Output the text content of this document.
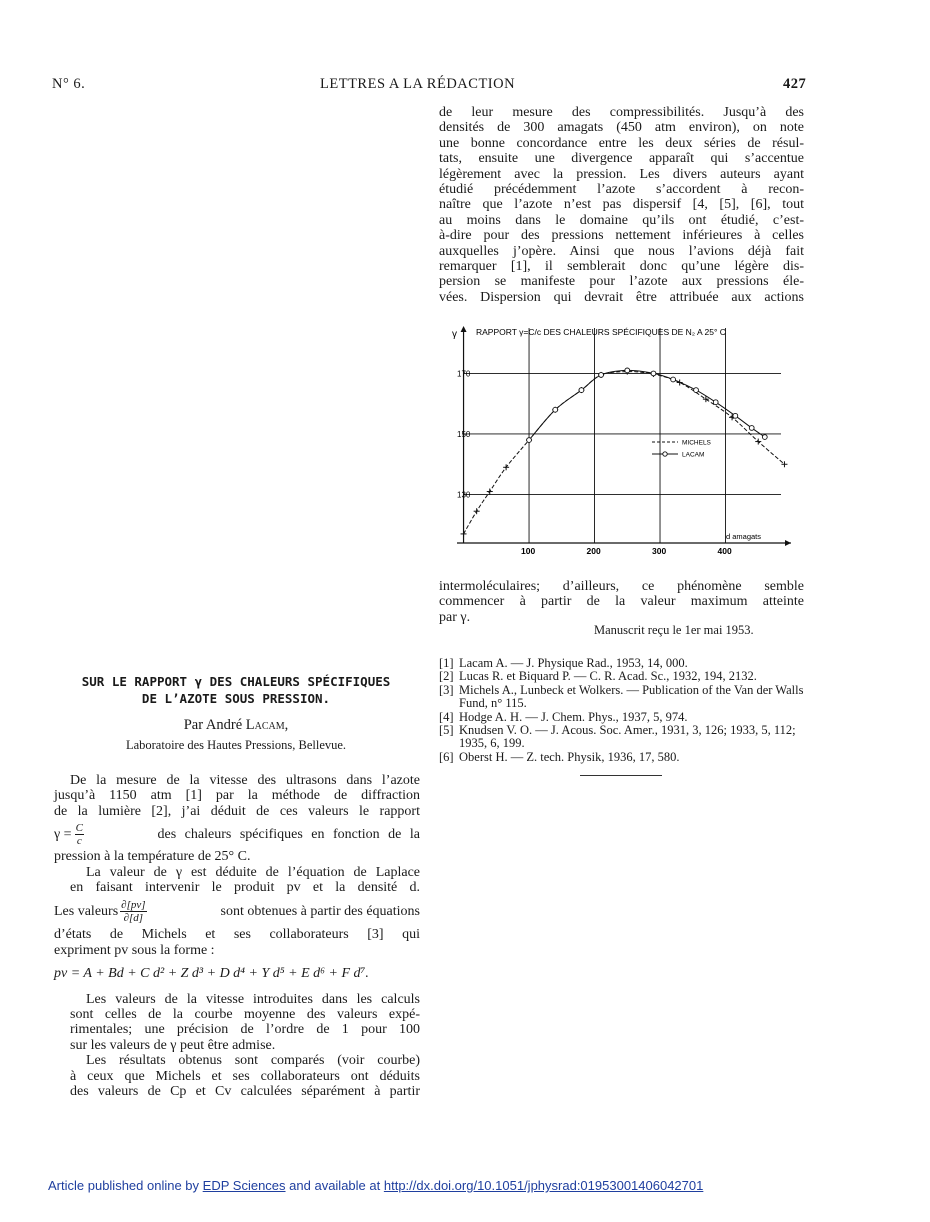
N° 6.	LETTRES A LA RÉDACTION	427
de leur mesure des compressibilités. Jusqu’à des
densités de 300 amagats (450 atm environ), on note
une bonne concordance entre les deux séries de résul-
tats, ensuite une divergence apparaît qui s’accentue
légèrement avec la pression. Les divers auteurs ayant
étudié précédemment l’azote s’accordent à recon-
naître que l’azote n’est pas dispersif [4, [5], [6], tout
au moins dans le domaine qu’ils ont étudié, c’est-
à-dire pour des pressions nettement inférieures à celles
auxquelles j’opère. Ainsi que nous l’avions déjà fait
remarquer [1], il semblerait donc qu’une légère dis-
persion se manifeste pour l’azote aux pressions éle-
vées. Dispersion qui devrait être attribuée aux actions
100	200	300	400
130
150
170
RAPPORT γ=C/c DES CHALEURS SPÉCIFIQUES DE N₂ A 25° C
γ
d amagats
MICHELS
LACAM
intermoléculaires; d’ailleurs, ce phénomène semble
commencer à partir de la valeur maximum atteinte
par γ.
Manuscrit reçu le 1er mai 1953.
[1] Lacam A. — J. Physique Rad., 1953, 14, 000.
[2] Lucas R. et Biquard P. — C. R. Acad. Sc., 1932, 194, 2132.
[3] Michels A., Lunbeck et Wolkers. — Publication of the Van der Walls Fund, n° 115.
[4] Hodge A. H. — J. Chem. Phys., 1937, 5, 974.
[5] Knudsen V. O. — J. Acous. Soc. Amer., 1931, 3, 126; 1933, 5, 112; 1935, 6, 199.
[6] Oberst H. — Z. tech. Physik, 1936, 17, 580.
SUR LE RAPPORT γ DES CHALEURS SPÉCIFIQUES
DE L’AZOTE SOUS PRESSION.
Par André Lacam,
Laboratoire des Hautes Pressions, Bellevue.
De la mesure de la vitesse des ultrasons dans l’azote
jusqu’à 1150 atm [1] par la méthode de diffraction
de la lumière [2], j’ai déduit de ces valeurs le rapport
$\gamma = \frac{C}{c}$	des chaleurs spécifiques en fonction de la
pression à la température de 25° C.
La valeur de γ est déduite de l’équation de Laplace
en faisant intervenir le produit pv et la densité d.
Les valeurs $\frac{\partial[pv]}{\partial[d]}$	sont obtenues à partir des équations
d’états de Michels et ses collaborateurs [3] qui
expriment pv sous la forme :
pv = A + Bd + C d² + Z d³ + D d⁴ + Y d⁵ + E d⁶ + F d⁷.
Les valeurs de la vitesse introduites dans les calculs
sont celles de la courbe moyenne des valeurs expé-
rimentales; une précision de l’ordre de 1 pour 100
sur les valeurs de γ peut être admise.
Les résultats obtenus sont comparés (voir courbe)
à ceux que Michels et ses collaborateurs ont déduits
des valeurs de Cp et Cv calculées séparément à partir
Article published online by EDP Sciences and available at http://dx.doi.org/10.1051/jphysrad:01953001406042701
